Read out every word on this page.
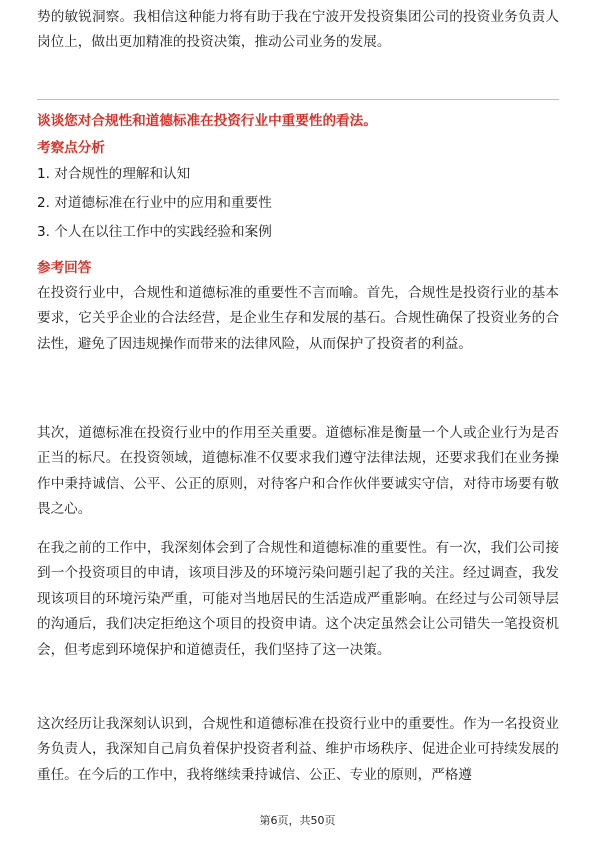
势的敏锐洞察。我相信这种能力将有助于我在宁波开发投资集团公司的投资业务负责人岗位上，做出更加精准的投资决策，推动公司业务的发展。

谈谈您对合规性和道德标准在投资行业中重要性的看法。

考察点分析

1. 对合规性的理解和认知
2. 对道德标准在行业中的应用和重要性
3. 个人在以往工作中的实践经验和案例

参考回答

在投资行业中，合规性和道德标准的重要性不言而喻。首先，合规性是投资行业的基本要求，它关乎企业的合法经营，是企业生存和发展的基石。合规性确保了投资业务的合法性，避免了因违规操作而带来的法律风险，从而保护了投资者的利益。

其次，道德标准在投资行业中的作用至关重要。道德标准是衡量一个人或企业行为是否正当的标尺。在投资领域，道德标准不仅要求我们遵守法律法规，还要求我们在业务操作中秉持诚信、公平、公正的原则，对待客户和合作伙伴要诚实守信，对待市场要有敬畏之心。

在我之前的工作中，我深刻体会到了合规性和道德标准的重要性。有一次，我们公司接到一个投资项目的申请，该项目涉及的环境污染问题引起了我的关注。经过调查，我发现该项目的环境污染严重，可能对当地居民的生活造成严重影响。在经过与公司领导层的沟通后，我们决定拒绝这个项目的投资申请。这个决定虽然会让公司错失一笔投资机会，但考虑到环境保护和道德责任，我们坚持了这一决策。

这次经历让我深刻认识到，合规性和道德标准在投资行业中的重要性。作为一名投资业务负责人，我深知自己肩负着保护投资者利益、维护市场秩序、促进企业可持续发展的重任。在今后的工作中，我将继续秉持诚信、公正、专业的原则，严格遵

第6页，共50页
